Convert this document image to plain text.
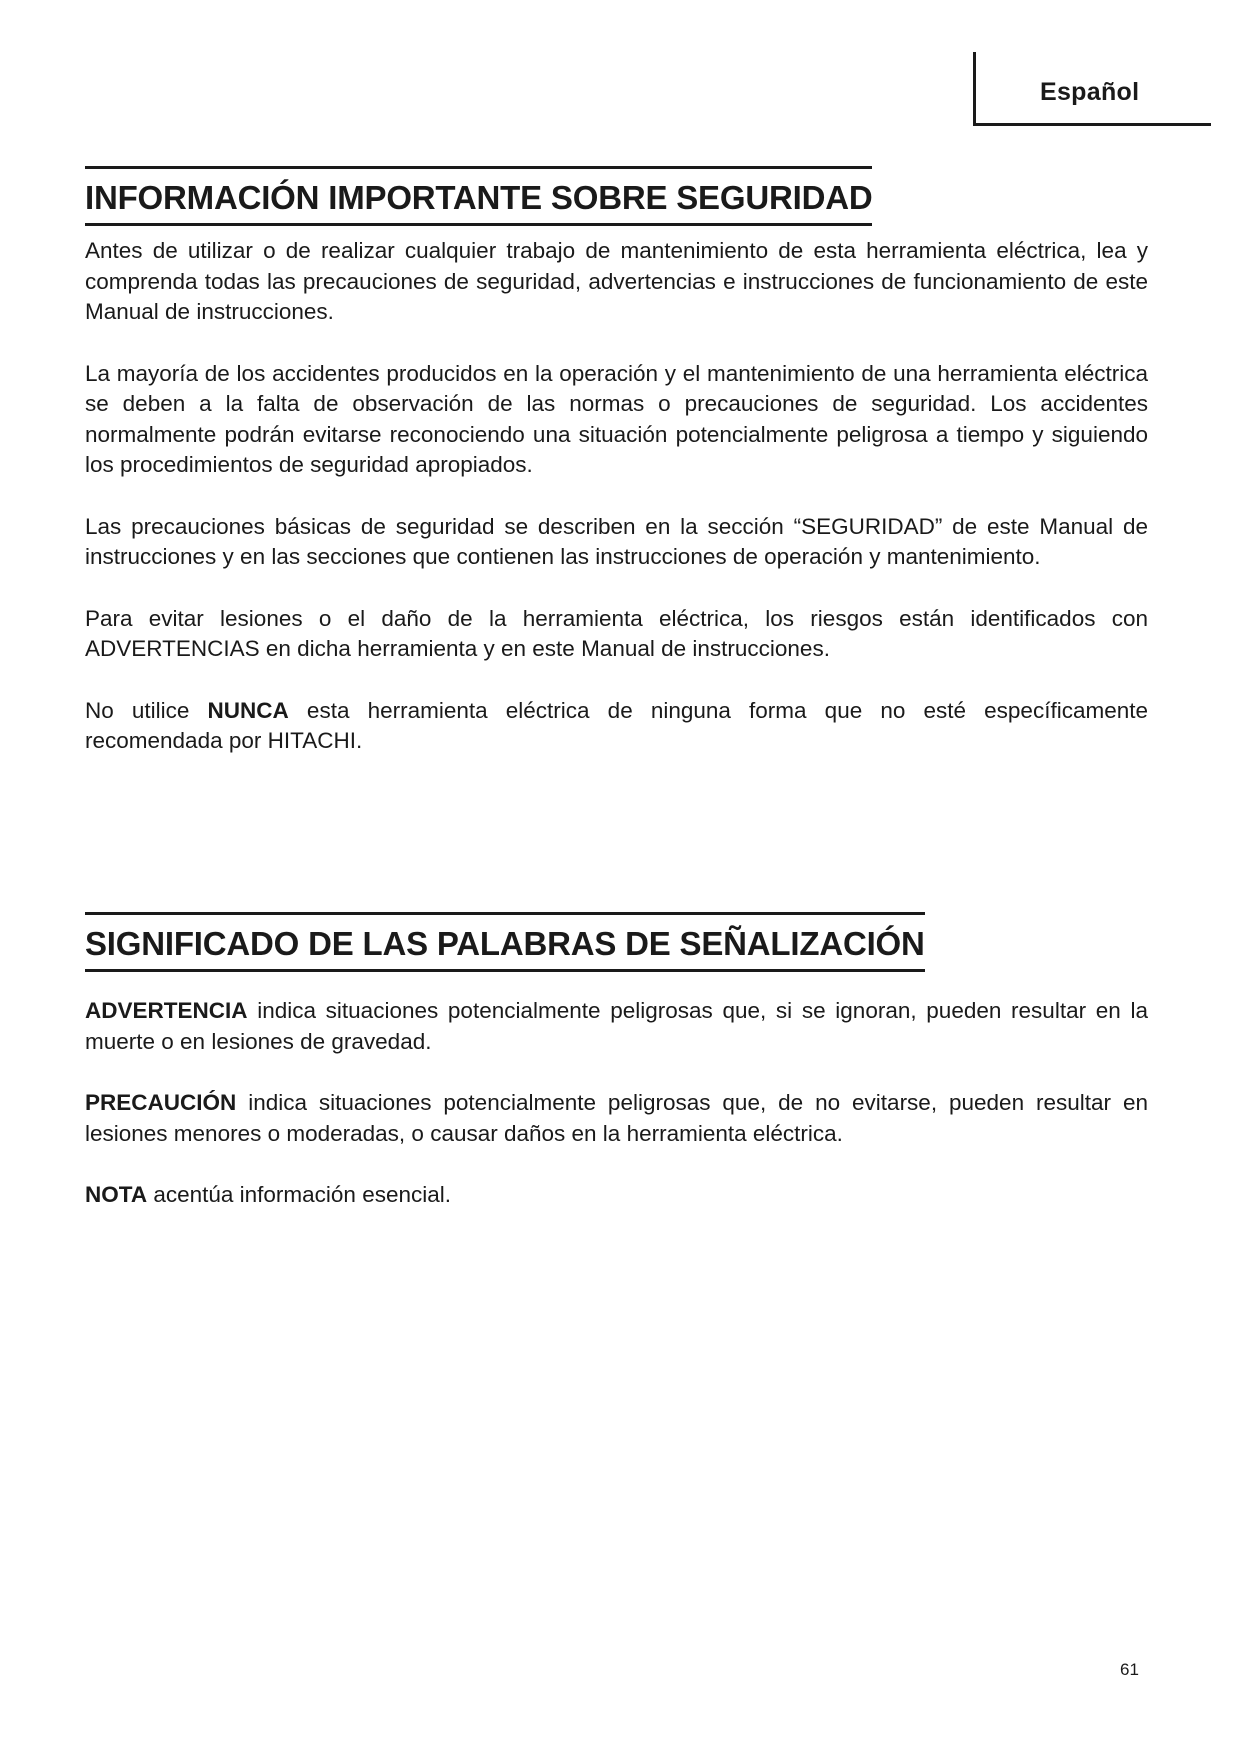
Español
INFORMACIÓN IMPORTANTE SOBRE SEGURIDAD

Antes de utilizar o de realizar cualquier trabajo de mantenimiento de esta herramienta eléctrica, lea y comprenda todas las precauciones de seguridad, advertencias e instrucciones de funcionamiento de este Manual de instrucciones.

La mayoría de los accidentes producidos en la operación y el mantenimiento de una herramienta eléctrica se deben a la falta de observación de las normas o precauciones de seguridad. Los accidentes normalmente podrán evitarse reconociendo una situación potencialmente peligrosa a tiempo y siguiendo los procedimientos de seguridad apropiados.

Las precauciones básicas de seguridad se describen en la sección “SEGURIDAD” de este Manual de instrucciones y en las secciones que contienen las instrucciones de operación y mantenimiento.

Para evitar lesiones o el daño de la herramienta eléctrica, los riesgos están identificados con ADVERTENCIAS en dicha herramienta y en este Manual de instrucciones.

No utilice NUNCA esta herramienta eléctrica de ninguna forma que no esté específicamente recomendada por HITACHI.

SIGNIFICADO DE LAS PALABRAS DE SEÑALIZACIÓN

ADVERTENCIA indica situaciones potencialmente peligrosas que, si se ignoran, pueden resultar en la muerte o en lesiones de gravedad.

PRECAUCIÓN indica situaciones potencialmente peligrosas que, de no evitarse, pueden resultar en lesiones menores o moderadas, o causar daños en la herramienta eléctrica.

NOTA acentúa información esencial.

61
